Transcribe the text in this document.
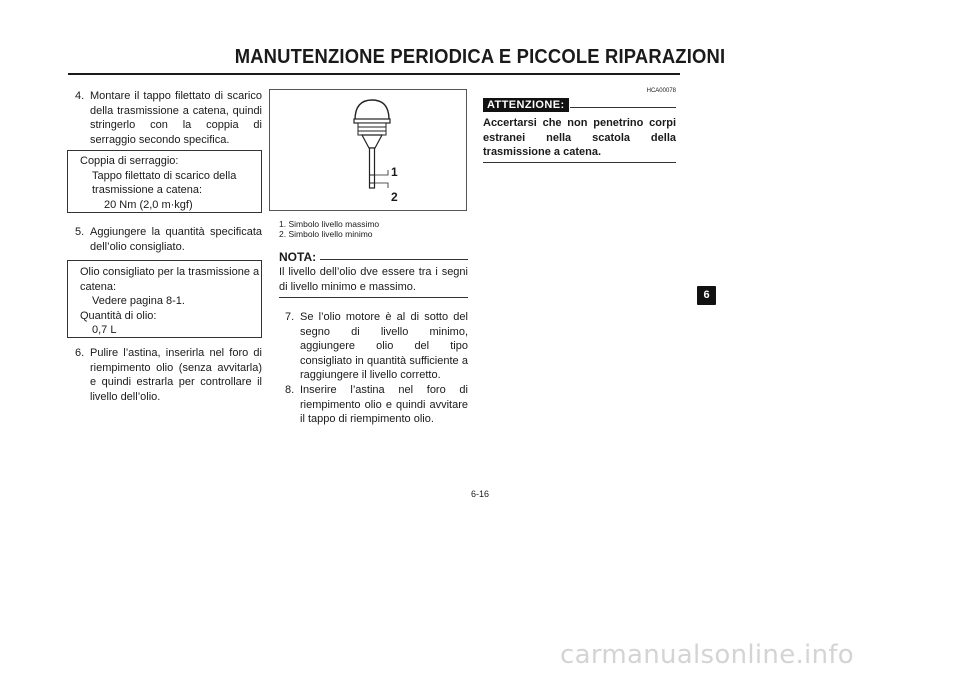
MANUTENZIONE PERIODICA E PICCOLE RIPARAZIONI
4. Montare il tappo filettato di scarico della trasmissione a catena, quindi stringerlo con la coppia di serraggio secondo specifica.
Coppia di serraggio:
Tappo filettato di scarico della
trasmissione a catena:
20 Nm (2,0 m·kgf)
5. Aggiungere la quantità specificata dell’olio consigliato.
Olio consigliato per la trasmissione a
catena:
Vedere pagina 8-1.
Quantità di olio:
0,7 L
6. Pulire l’astina, inserirla nel foro di riempimento olio (senza avvitarla) e quindi estrarla per controllare il livello dell’olio.
1
2
1. Simbolo livello massimo
2. Simbolo livello minimo
NOTA:
Il livello dell’olio dve essere tra i segni di livello minimo e massimo.
7. Se l’olio motore è al di sotto del segno di livello minimo, aggiungere olio del tipo consigliato in quantità sufficiente a raggiungere il livello corretto.
8. Inserire l’astina nel foro di riempimento olio e quindi avvitare il tappo di riempimento olio.
HCA00078
ATTENZIONE:
Accertarsi che non penetrino corpi estranei nella scatola della trasmissione a catena.
6
6-16
carmanualsonline.info
